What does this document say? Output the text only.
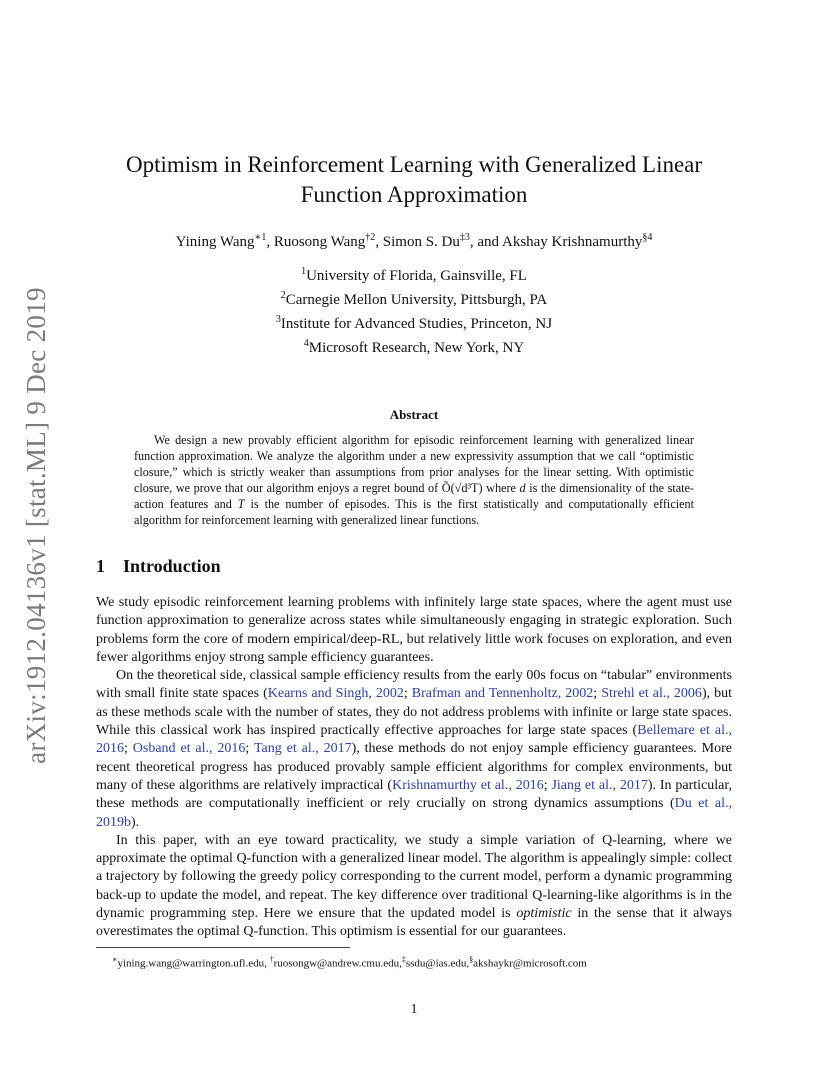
arXiv:1912.04136v1 [stat.ML] 9 Dec 2019
Optimism in Reinforcement Learning with Generalized Linear
Function Approximation
Yining Wang$^{∗1}$, Ruosong Wang$^{\dagger 2}$, Simon S. Du$^{\ddagger 3}$, and Akshay Krishnamurthy$^{\S 4}$
$^1$University of Florida, Gainsville, FL
$^2$Carnegie Mellon University, Pittsburgh, PA
$^3$Institute for Advanced Studies, Princeton, NJ
$^4$Microsoft Research, New York, NY
Abstract

We design a new provably efficient algorithm for episodic reinforcement learning with generalized linear function approximation. We analyze the algorithm under a new expressivity assumption that we call “optimistic closure,” which is strictly weaker than assumptions from prior analyses for the linear setting. With optimistic closure, we prove that our algorithm enjoys a regret bound of Õ(√d³T) where d is the dimensionality of the state-action features and T is the number of episodes. This is the first statistically and computationally efficient algorithm for reinforcement learning with generalized linear functions.

1 Introduction

We study episodic reinforcement learning problems with infinitely large state spaces, where the agent must use function approximation to generalize across states while simultaneously engaging in strategic exploration. Such problems form the core of modern empirical/deep-RL, but relatively little work focuses on exploration, and even fewer algorithms enjoy strong sample efficiency guarantees.

On the theoretical side, classical sample efficiency results from the early 00s focus on “tabular” environments with small finite state spaces (Kearns and Singh, 2002; Brafman and Tennenholtz, 2002; Strehl et al., 2006), but as these methods scale with the number of states, they do not address problems with infinite or large state spaces. While this classical work has inspired practically effective approaches for large state spaces (Bellemare et al., 2016; Osband et al., 2016; Tang et al., 2017), these methods do not enjoy sample efficiency guarantees. More recent theoretical progress has produced provably sample efficient algorithms for complex environments, but many of these algorithms are relatively impractical (Krishnamurthy et al., 2016; Jiang et al., 2017). In particular, these methods are computationally inefficient or rely crucially on strong dynamics assumptions (Du et al., 2019b).

In this paper, with an eye toward practicality, we study a simple variation of Q-learning, where we approximate the optimal Q-function with a generalized linear model. The algorithm is appealingly simple: collect a trajectory by following the greedy policy corresponding to the current model, perform a dynamic programming back-up to update the model, and repeat. The key difference over traditional Q-learning-like algorithms is in the dynamic programming step. Here we ensure that the updated model is optimistic in the sense that it always overestimates the optimal Q-function. This optimism is essential for our guarantees.

∗yining.wang@warrington.ufl.edu, †ruosongw@andrew.cmu.edu,‡ssdu@ias.edu,§akshaykr@microsoft.com
1
